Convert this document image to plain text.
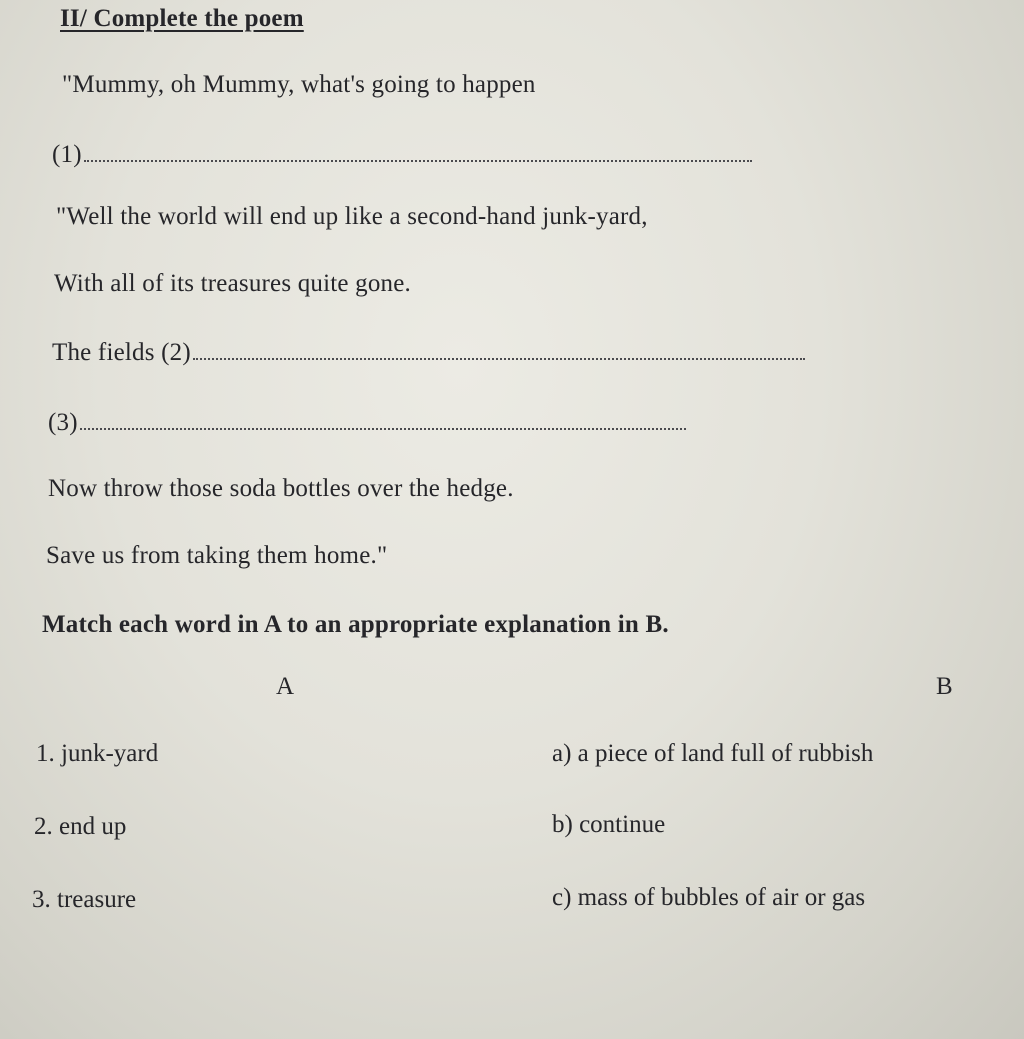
II/ Complete the poem
"Mummy, oh Mummy, what's going to happen
(1)
"Well the world will end up like a second-hand junk-yard,
With all of its treasures quite gone.
The fields (2)
(3)
Now throw those soda bottles over the hedge.
Save us from taking them home."
Match each word in A to an appropriate explanation in B.
A	B
1. junk-yard	a) a piece of land full of rubbish
2. end up	b) continue
3. treasure	c) mass of bubbles of air or gas
